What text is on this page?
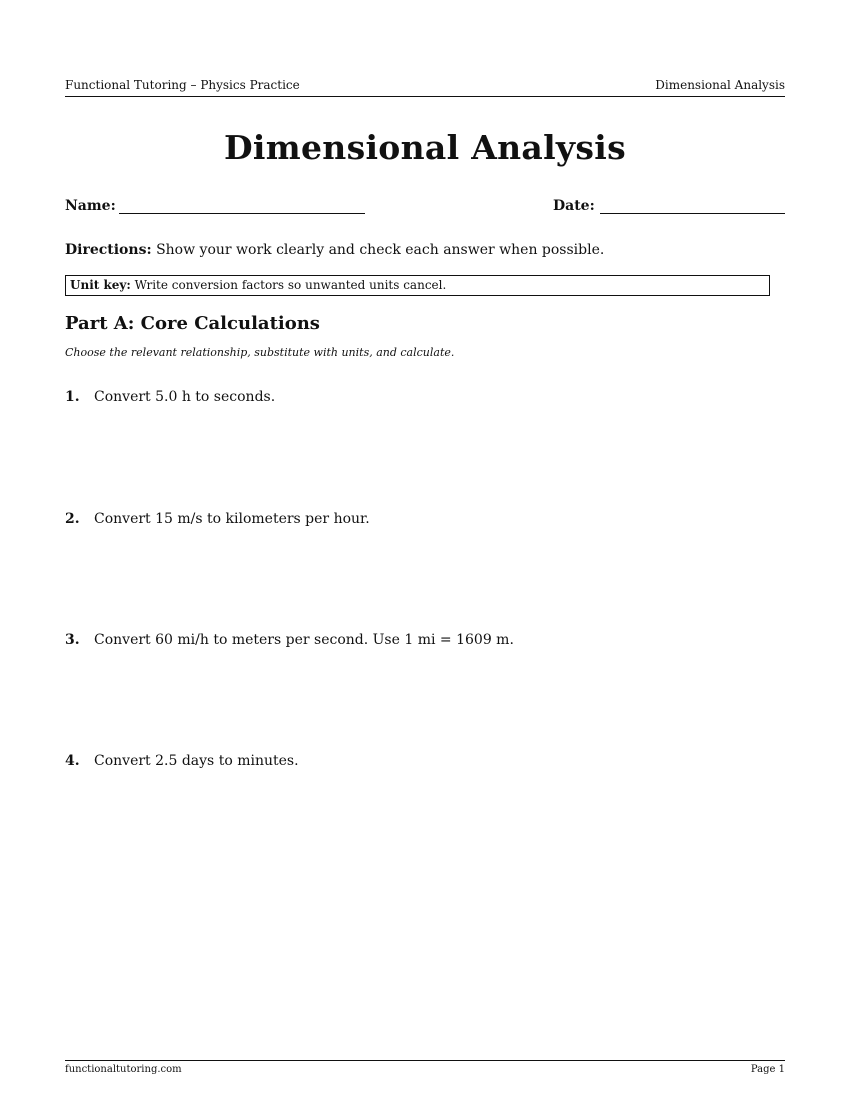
Functional Tutoring – Physics Practice	Dimensional Analysis
Dimensional Analysis
Name:	Date:
Directions: Show your work clearly and check each answer when possible.
Unit key: Write conversion factors so unwanted units cancel.
Part A: Core Calculations
Choose the relevant relationship, substitute with units, and calculate.
1. Convert 5.0 h to seconds.
2. Convert 15 m/s to kilometers per hour.
3. Convert 60 mi/h to meters per second. Use 1 mi = 1609 m.
4. Convert 2.5 days to minutes.
functionaltutoring.com	Page 1
